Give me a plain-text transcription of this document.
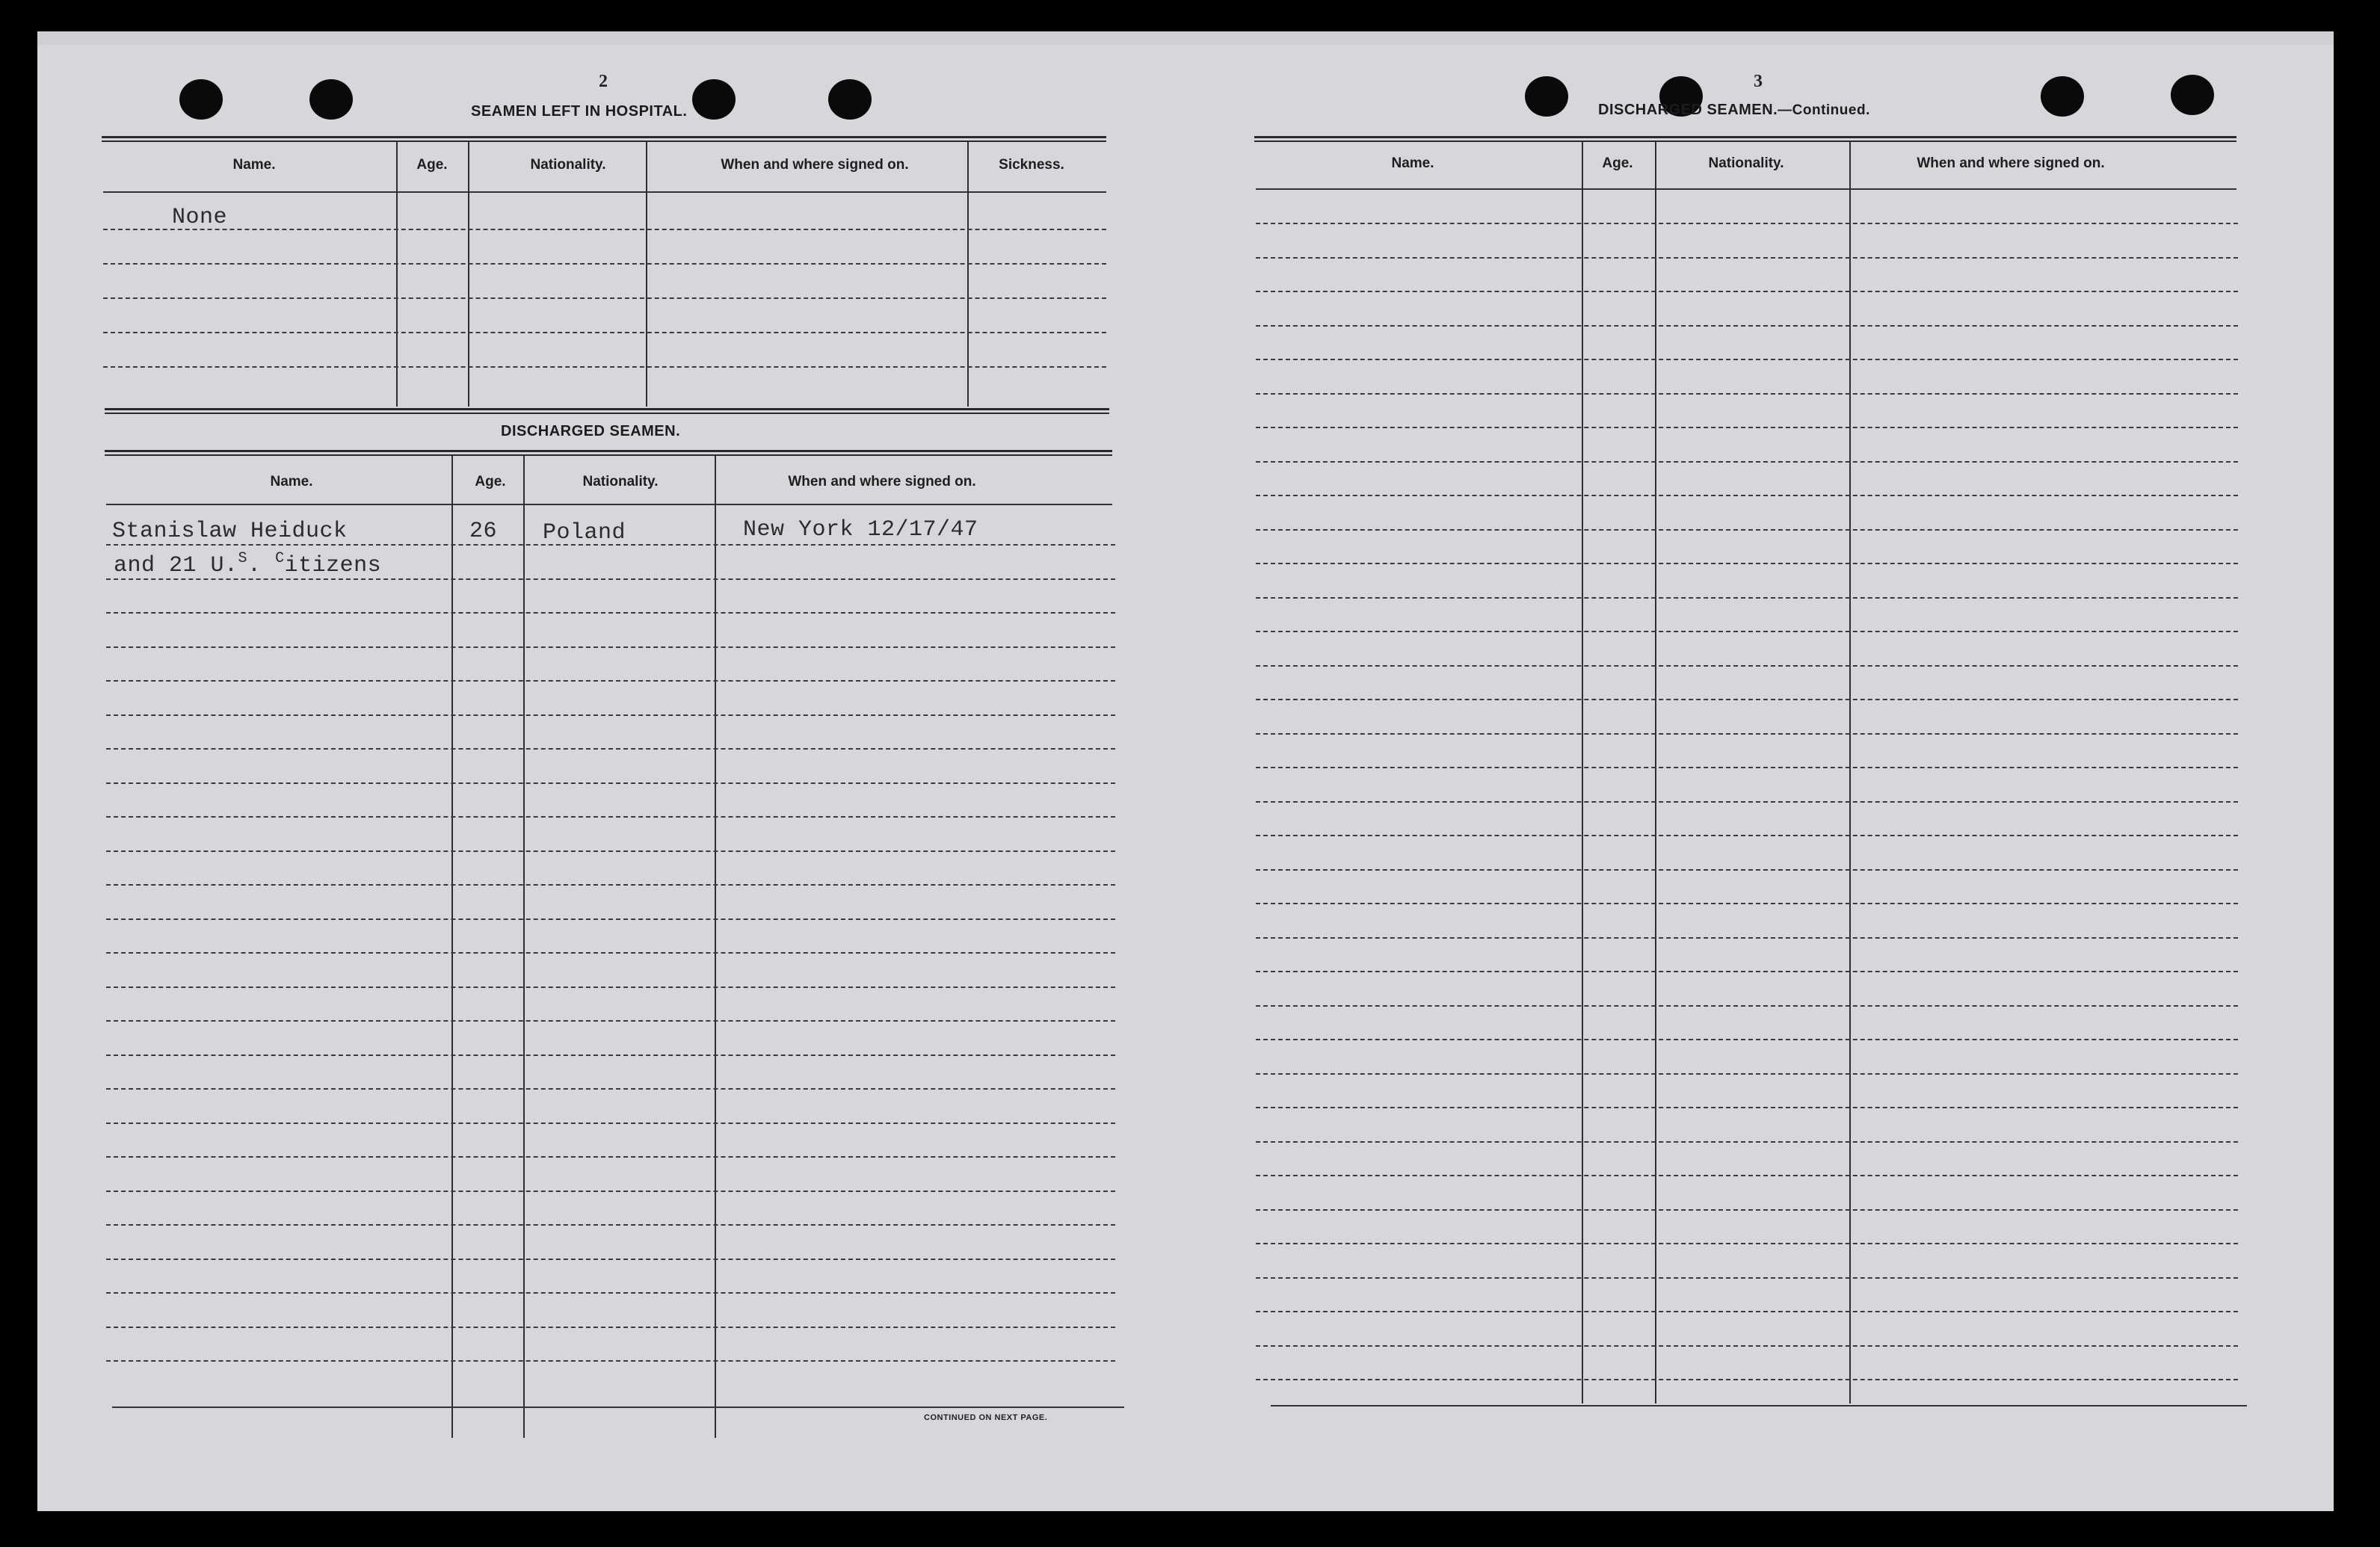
2
SEAMEN LEFT IN HOSPITAL.
Name.	Age.	Nationality.	When and where signed on.	Sickness.
None
DISCHARGED SEAMEN.
Name.	Age.	Nationality.	When and where signed on.
Stanislaw Heiduck	26 Poland	New York 12/17/47
and 21 U.$^S$. $^C$itizens
CONTINUED ON NEXT PAGE.
3
DISCHARGED SEAMEN.—Continued.
Name.	Age.	Nationality.	When and where signed on.
